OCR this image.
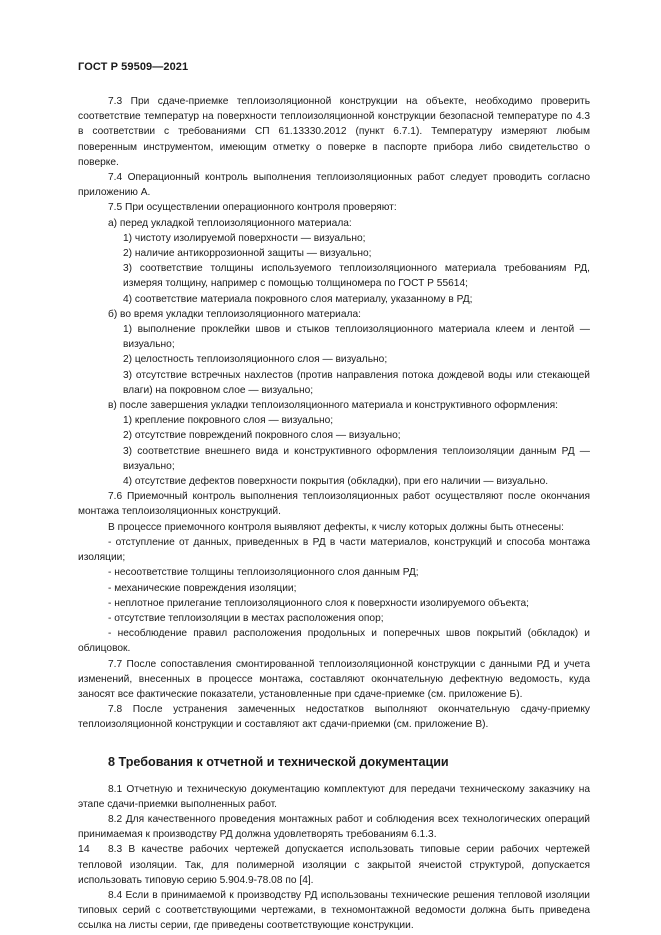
ГОСТ Р 59509—2021

7.3 При сдаче-приемке теплоизоляционной конструкции на объекте, необходимо проверить соответствие температур на поверхности теплоизоляционной конструкции безопасной температуре по 4.3 в соответствии с требованиями СП 61.13330.2012 (пункт 6.7.1). Температуру измеряют любым поверенным инструментом, имеющим отметку о поверке в паспорте прибора либо свидетельство о поверке.

7.4 Операционный контроль выполнения теплоизоляционных работ следует проводить согласно приложению А.

7.5 При осуществлении операционного контроля проверяют:

а) перед укладкой теплоизоляционного материала:

1) чистоту изолируемой поверхности — визуально;

2) наличие антикоррозионной защиты — визуально;

3) соответствие толщины используемого теплоизоляционного материала требованиям РД, измеряя толщину, например с помощью толщиномера по ГОСТ Р 55614;

4) соответствие материала покровного слоя материалу, указанному в РД;

б) во время укладки теплоизоляционного материала:

1) выполнение проклейки швов и стыков теплоизоляционного материала клеем и лентой — визуально;

2) целостность теплоизоляционного слоя — визуально;

3) отсутствие встречных нахлестов (против направления потока дождевой воды или стекающей влаги) на покровном слое — визуально;

в) после завершения укладки теплоизоляционного материала и конструктивного оформления:

1) крепление покровного слоя — визуально;

2) отсутствие повреждений покровного слоя — визуально;

3) соответствие внешнего вида и конструктивного оформления теплоизоляции данным РД — визуально;

4) отсутствие дефектов поверхности покрытия (обкладки), при его наличии — визуально.

7.6 Приемочный контроль выполнения теплоизоляционных работ осуществляют после окончания монтажа теплоизоляционных конструкций.

В процессе приемочного контроля выявляют дефекты, к числу которых должны быть отнесены:

- отступление от данных, приведенных в РД в части материалов, конструкций и способа монтажа изоляции;

- несоответствие толщины теплоизоляционного слоя данным РД;

- механические повреждения изоляции;

- неплотное прилегание теплоизоляционного слоя к поверхности изолируемого объекта;

- отсутствие теплоизоляции в местах расположения опор;

- несоблюдение правил расположения продольных и поперечных швов покрытий (обкладок) и облицовок.

7.7 После сопоставления смонтированной теплоизоляционной конструкции с данными РД и учета изменений, внесенных в процессе монтажа, составляют окончательную дефектную ведомость, куда заносят все фактические показатели, установленные при сдаче-приемке (см. приложение Б).

7.8 После устранения замеченных недостатков выполняют окончательную сдачу-приемку теплоизоляционной конструкции и составляют акт сдачи-приемки (см. приложение В).

8 Требования к отчетной и технической документации

8.1 Отчетную и техническую документацию комплектуют для передачи техническому заказчику на этапе сдачи-приемки выполненных работ.

8.2 Для качественного проведения монтажных работ и соблюдения всех технологических операций принимаемая к производству РД должна удовлетворять требованиям 6.1.3.

8.3 В качестве рабочих чертежей допускается использовать типовые серии рабочих чертежей тепловой изоляции. Так, для полимерной изоляции с закрытой ячеистой структурой, допускается использовать типовую серию 5.904.9-78.08 по [4].

8.4 Если в принимаемой к производству РД использованы технические решения тепловой изоляции типовых серий с соответствующими чертежами, в техномонтажной ведомости должна быть приведена ссылка на листы серии, где приведены соответствующие конструкции.

14
